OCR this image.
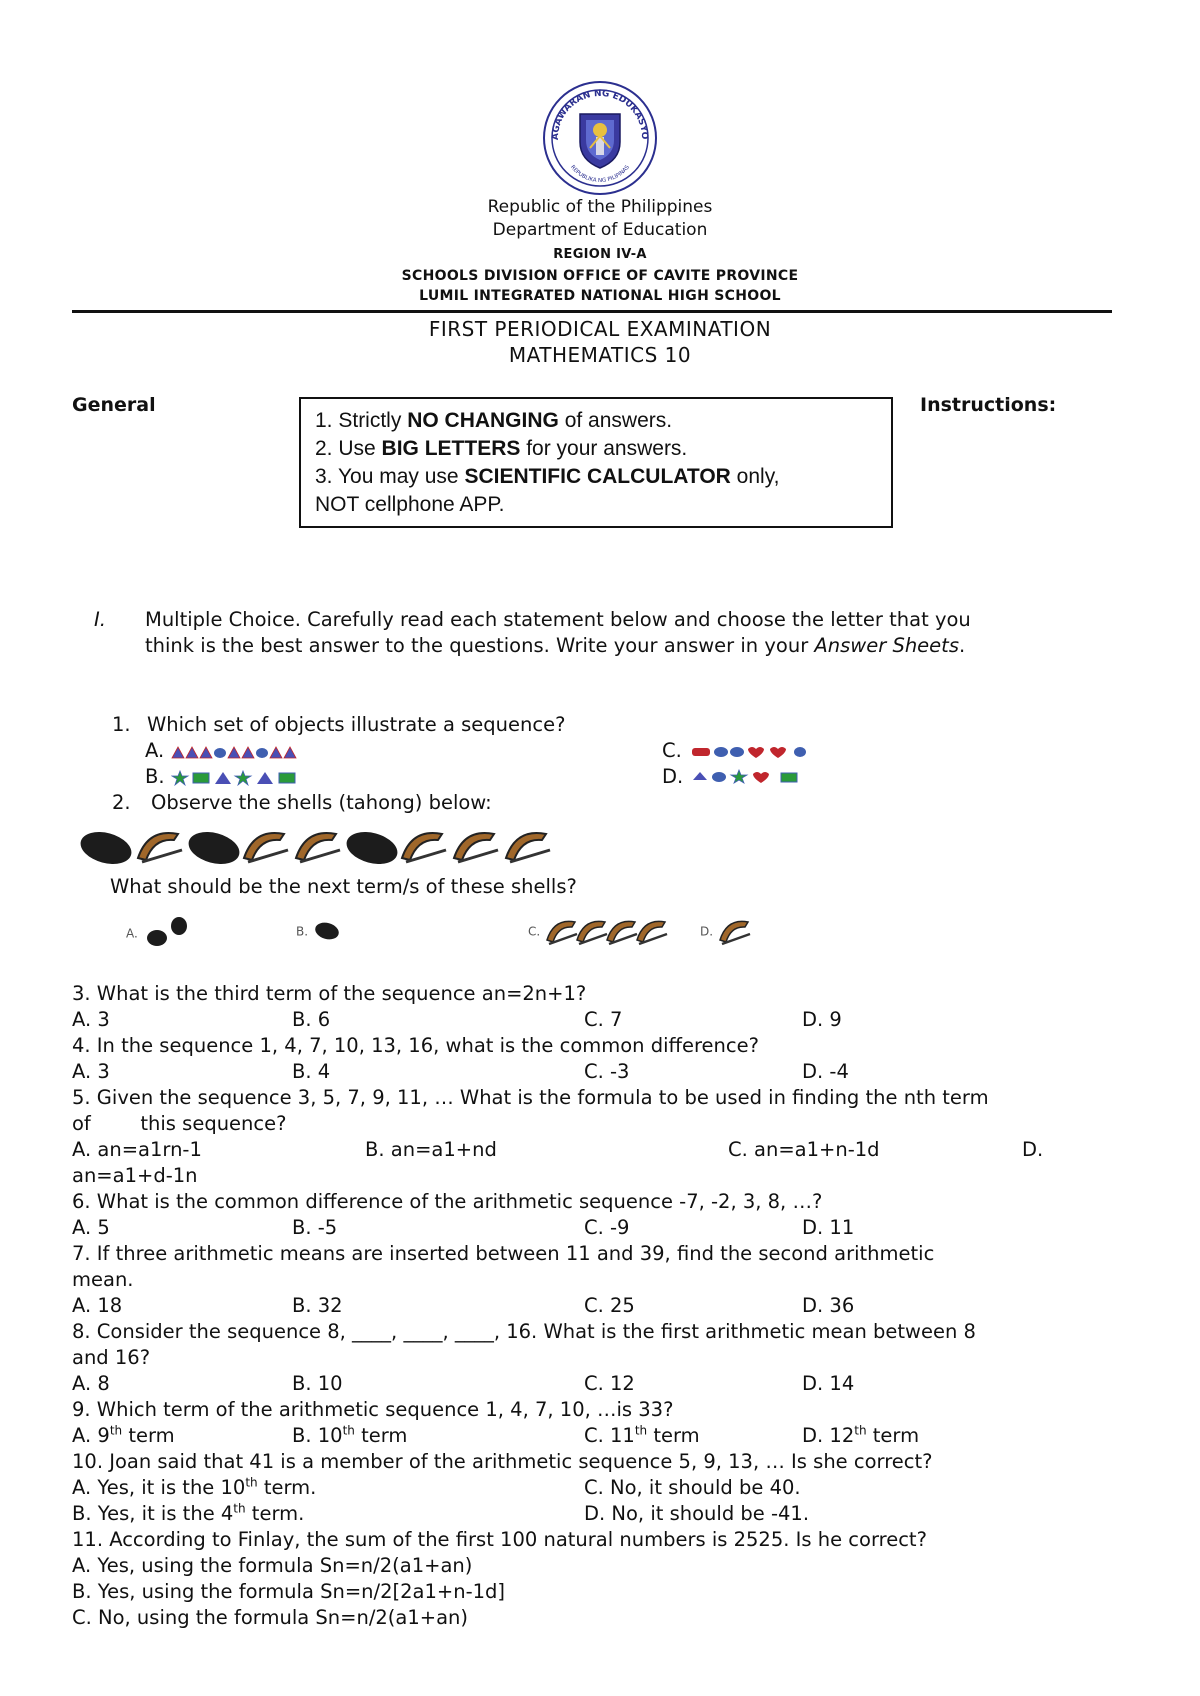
AGAWARAN NG EDUKASYO
REPUBLIKA NG PILIPINAS
Republic of the Philippines
Department of Education
REGION IV-A
SCHOOLS DIVISION OFFICE OF CAVITE PROVINCE
LUMIL INTEGRATED NATIONAL HIGH SCHOOL
FIRST PERIODICAL EXAMINATION
MATHEMATICS 10
General	Instructions:
1. Strictly NO CHANGING of answers.
2. Use BIG LETTERS for your answers.
3. You may use SCIENTIFIC CALCULATOR only,
NOT cellphone APP.
I. Multiple Choice. Carefully read each statement below and choose the letter that you
think is the best answer to the questions. Write your answer in your Answer Sheets.
1. Which set of objects illustrate a sequence?
A.
B.
C.
D.
2. Observe the shells (tahong) below:
What should be the next term/s of these shells?
A.	B.	C.	D.
3. What is the third term of the sequence an=2n+1?
A. 3	B. 6	C. 7	D. 9
4. In the sequence 1, 4, 7, 10, 13, 16, what is the common difference?
A. 3	B. 4	C. -3	D. -4
5. Given the sequence 3, 5, 7, 9, 11, … What is the formula to be used in finding the nth term
of        this sequence?
A. an=a1rn-1	B. an=a1+nd	C. an=a1+n-1d	D.
an=a1+d-1n
6. What is the common difference of the arithmetic sequence -7, -2, 3, 8, …?
A. 5	B. -5	C. -9	D. 11
7. If three arithmetic means are inserted between 11 and 39, find the second arithmetic
mean.
A. 18	B. 32	C. 25	D. 36
8. Consider the sequence 8, ____, ____, ____, 16. What is the first arithmetic mean between 8
and 16?
A. 8	B. 10	C. 12	D. 14
9. Which term of the arithmetic sequence 1, 4, 7, 10, …is 33?
A. 9th term	B. 10th term	C. 11th term	D. 12th term
10. Joan said that 41 is a member of the arithmetic sequence 5, 9, 13, … Is she correct?
A. Yes, it is the 10th term.	C. No, it should be 40.
B. Yes, it is the 4th term.	D. No, it should be -41.
11. According to Finlay, the sum of the first 100 natural numbers is 2525. Is he correct?
A. Yes, using the formula Sn=n/2(a1+an)
B. Yes, using the formula Sn=n/2[2a1+n-1d]
C. No, using the formula Sn=n/2(a1+an)
